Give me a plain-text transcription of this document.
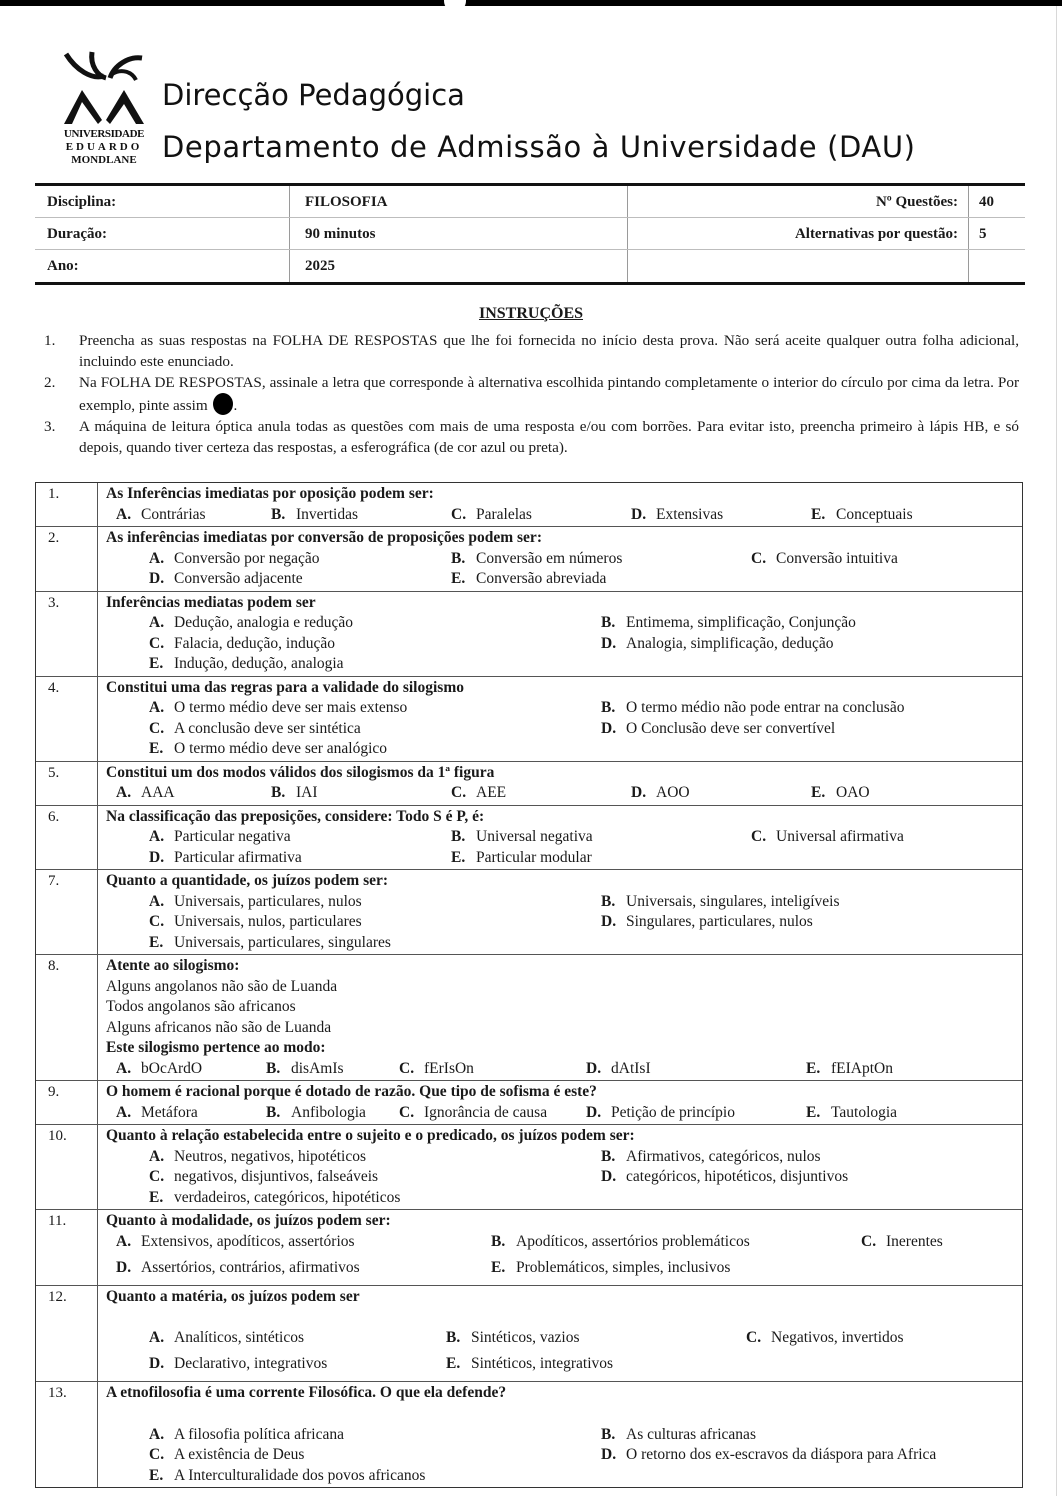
UNIVERSIDADE
EDUARDO
MONDLANE
Direcção Pedagógica
Departamento de Admissão à Universidade (DAU)
Disciplina:	FILOSOFIA	Nº Questões:	40
Duração:	90 minutos	Alternativas por questão:	5
Ano:	2025
INSTRUÇÕES
1.	Preencha as suas respostas na FOLHA DE RESPOSTAS que lhe foi fornecida no início desta prova. Não será aceite qualquer outra folha adicional, incluindo este enunciado.
2.	Na FOLHA DE RESPOSTAS, assinale a letra que corresponde à alternativa escolhida pintando completamente o interior do círculo por cima da letra. Por exemplo, pinte assim .
3.	A máquina de leitura óptica anula todas as questões com mais de uma resposta e/ou com borrões. Para evitar isto, preencha primeiro à lápis HB, e só depois, quando tiver certeza das respostas, a esferográfica (de cor azul ou preta).
1.	As Inferências imediatas por oposição podem ser:
A. Contrárias	B. Invertidas	C. Paralelas	D. Extensivas	E. Conceptuais
2.	As inferências imediatas por conversão de proposições podem ser:
A. Conversão por negação	B. Conversão em números	C. Conversão intuitiva
D. Conversão adjacente	E. Conversão abreviada
3.	Inferências mediatas podem ser
A. Dedução, analogia e redução	B. Entimema, simplificação, Conjunção
C. Falacia, dedução, indução	D. Analogia, simplificação, dedução
E. Indução, dedução, analogia
4.	Constitui uma das regras para a validade do silogismo
A. O termo médio deve ser mais extenso	B. O termo médio não pode entrar na conclusão
C. A conclusão deve ser sintética	D. O Conclusão deve ser convertível
E. O termo médio deve ser analógico
5.	Constitui um dos modos válidos dos silogismos da 1ª figura
A. AAA	B. IAI	C. AEE	D. AOO	E. OAO
6.	Na classificação das preposições, considere: Todo S é P, é:
A. Particular negativa	B. Universal negativa	C. Universal afirmativa
D. Particular afirmativa	E. Particular modular
7.	Quanto a quantidade, os juízos podem ser:
A. Universais, particulares, nulos	B. Universais, singulares, inteligíveis
C. Universais, nulos, particulares	D. Singulares, particulares, nulos
E. Universais, particulares, singulares
8.	Atente ao silogismo:
Alguns angolanos não são de Luanda
Todos angolanos são africanos
Alguns africanos não são de Luanda
Este silogismo pertence ao modo:
A. bOcArdO	B. disAmIs	C. fErIsOn	D. dAtIsI	E. fEIAptOn
9.	O homem é racional porque é dotado de razão. Que tipo de sofisma é este?
A. Metáfora	B. Anfibologia C. Ignorância de causa	D. Petição de princípio	E. Tautologia
10.	Quanto à relação estabelecida entre o sujeito e o predicado, os juízos podem ser:
A. Neutros, negativos, hipotéticos	B. Afirmativos, categóricos, nulos
C. negativos, disjuntivos, falseáveis	D. categóricos, hipotéticos, disjuntivos
E. verdadeiros, categóricos, hipotéticos
11.	Quanto à modalidade, os juízos podem ser:
A. Extensivos, apodíticos, assertórios	B. Apodíticos, assertórios problemáticos	C. Inerentes
D. Assertórios, contrários, afirmativos	E. Problemáticos, simples, inclusivos
12.	Quanto a matéria, os juízos podem ser
A. Analíticos, sintéticos	B. Sintéticos, vazios	C. Negativos, invertidos
D. Declarativo, integrativos	E. Sintéticos, integrativos
13.	A etnofilosofia é uma corrente Filosófica. O que ela defende?
A. A filosofia política africana	B. As culturas africanas
C. A existência de Deus	D. O retorno dos ex-escravos da diáspora para Africa
E. A Interculturalidade dos povos africanos
